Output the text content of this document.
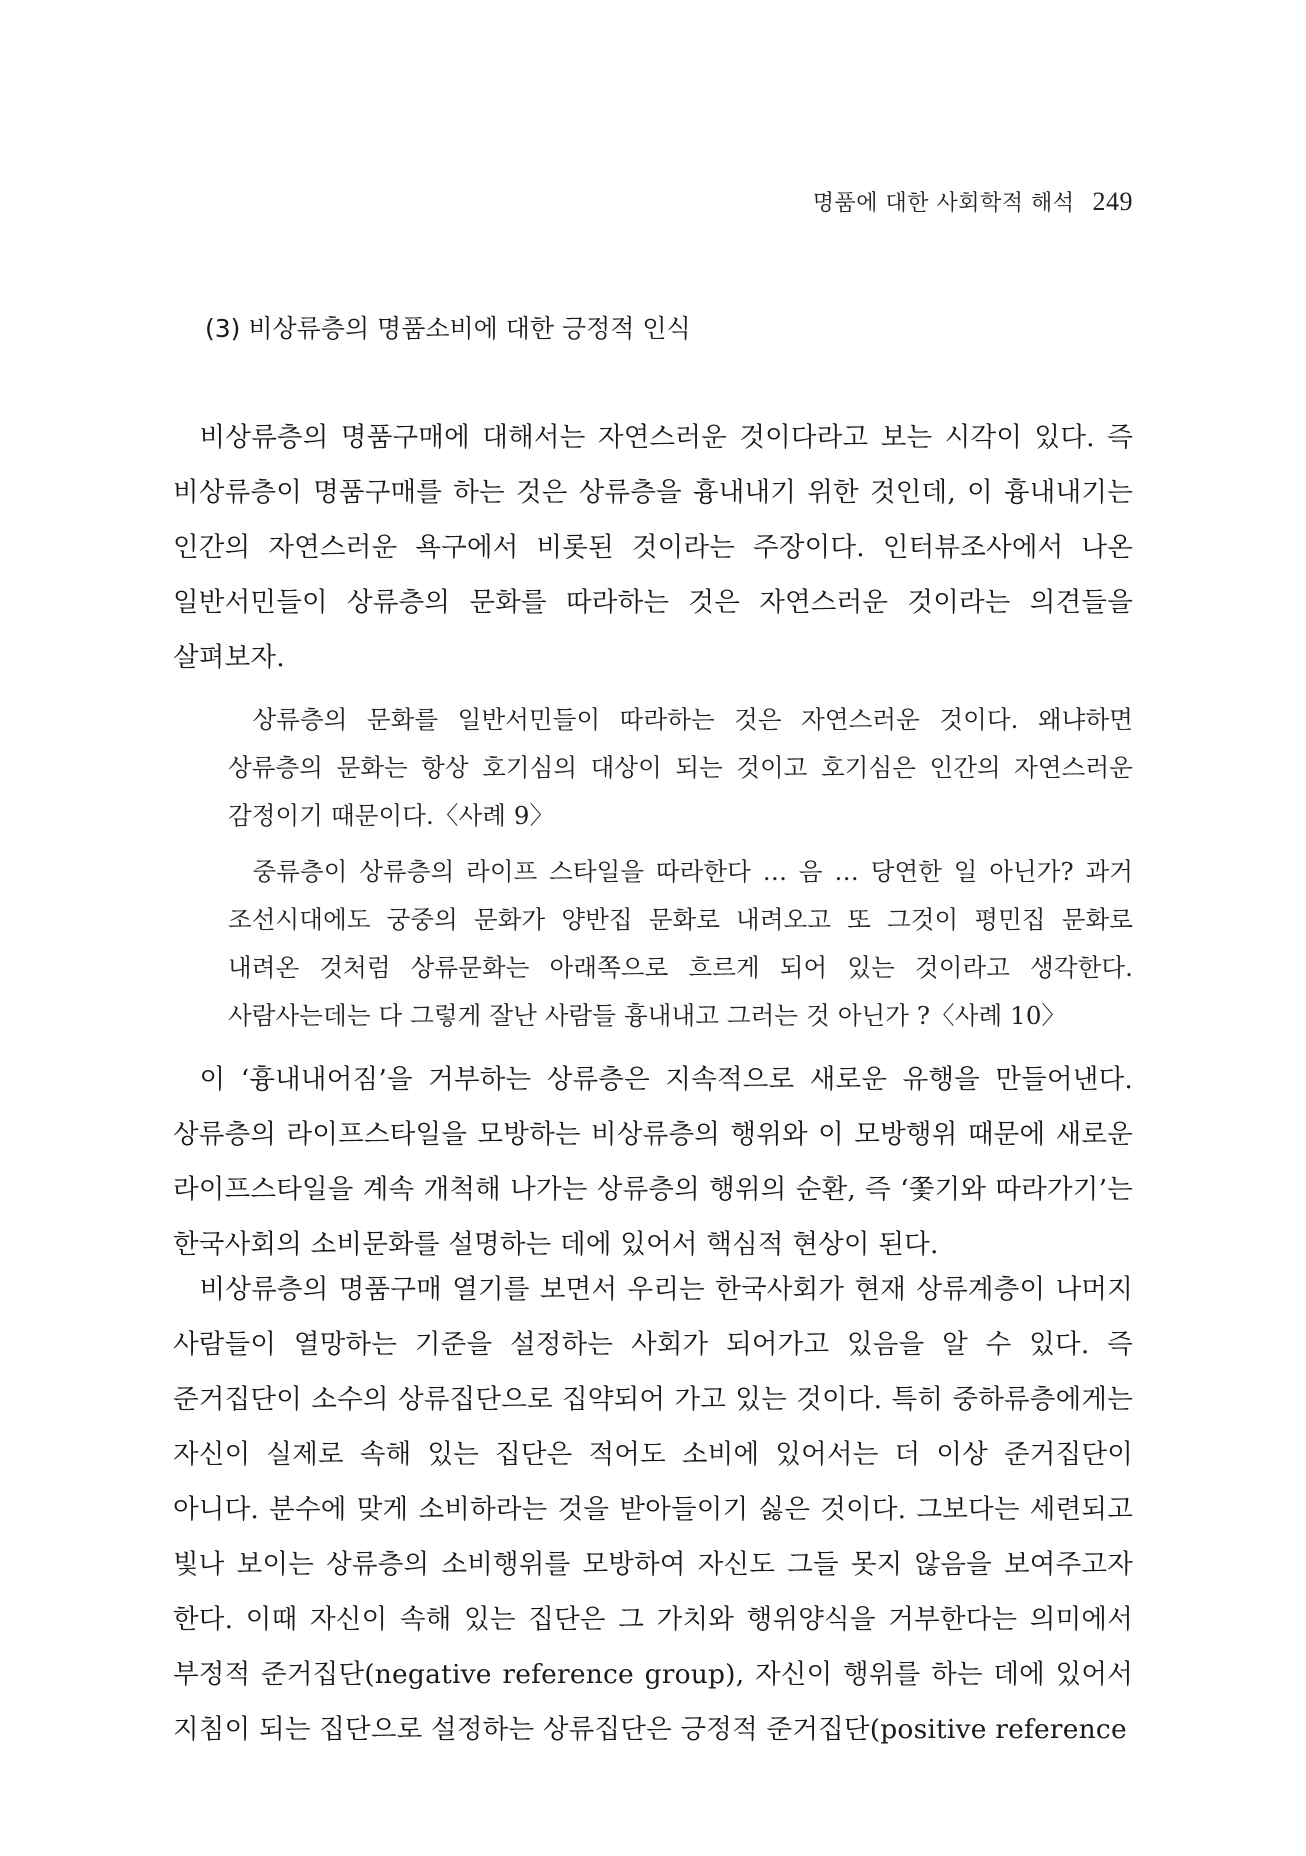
명품에 대한 사회학적 해석 249
(3) 비상류층의 명품소비에 대한 긍정적 인식

비상류층의 명품구매에 대해서는 자연스러운 것이다라고 보는 시각이 있다. 즉 비상류층이 명품구매를 하는 것은 상류층을 흉내내기 위한 것인데, 이 흉내내기는 인간의 자연스러운 욕구에서 비롯된 것이라는 주장이다. 인터뷰조사에서 나온 일반서민들이 상류층의 문화를 따라하는 것은 자연스러운 것이라는 의견들을 살펴보자.

상류층의 문화를 일반서민들이 따라하는 것은 자연스러운 것이다. 왜냐하면 상류층의 문화는 항상 호기심의 대상이 되는 것이고 호기심은 인간의 자연스러운 감정이기 때문이다.〈사례 9〉

중류층이 상류층의 라이프 스타일을 따라한다 … 음 … 당연한 일 아닌가? 과거 조선시대에도 궁중의 문화가 양반집 문화로 내려오고 또 그것이 평민집 문화로 내려온 것처럼 상류문화는 아래쪽으로 흐르게 되어 있는 것이라고 생각한다. 사람사는데는 다 그렇게 잘난 사람들 흉내내고 그러는 것 아닌가 ?〈사례 10〉

이 ‘흉내내어짐’을 거부하는 상류층은 지속적으로 새로운 유행을 만들어낸다. 상류층의 라이프스타일을 모방하는 비상류층의 행위와 이 모방행위 때문에 새로운 라이프스타일을 계속 개척해 나가는 상류층의 행위의 순환, 즉 ‘쫓기와 따라가기’는 한국사회의 소비문화를 설명하는 데에 있어서 핵심적 현상이 된다.

비상류층의 명품구매 열기를 보면서 우리는 한국사회가 현재 상류계층이 나머지 사람들이 열망하는 기준을 설정하는 사회가 되어가고 있음을 알 수 있다. 즉 준거집단이 소수의 상류집단으로 집약되어 가고 있는 것이다. 특히 중하류층에게는 자신이 실제로 속해 있는 집단은 적어도 소비에 있어서는 더 이상 준거집단이 아니다. 분수에 맞게 소비하라는 것을 받아들이기 싫은 것이다. 그보다는 세련되고 빛나 보이는 상류층의 소비행위를 모방하여 자신도 그들 못지 않음을 보여주고자 한다. 이때 자신이 속해 있는 집단은 그 가치와 행위양식을 거부한다는 의미에서 부정적 준거집단(negative reference group), 자신이 행위를 하는 데에 있어서 지침이 되는 집단으로 설정하는 상류집단은 긍정적 준거집단(positive reference
